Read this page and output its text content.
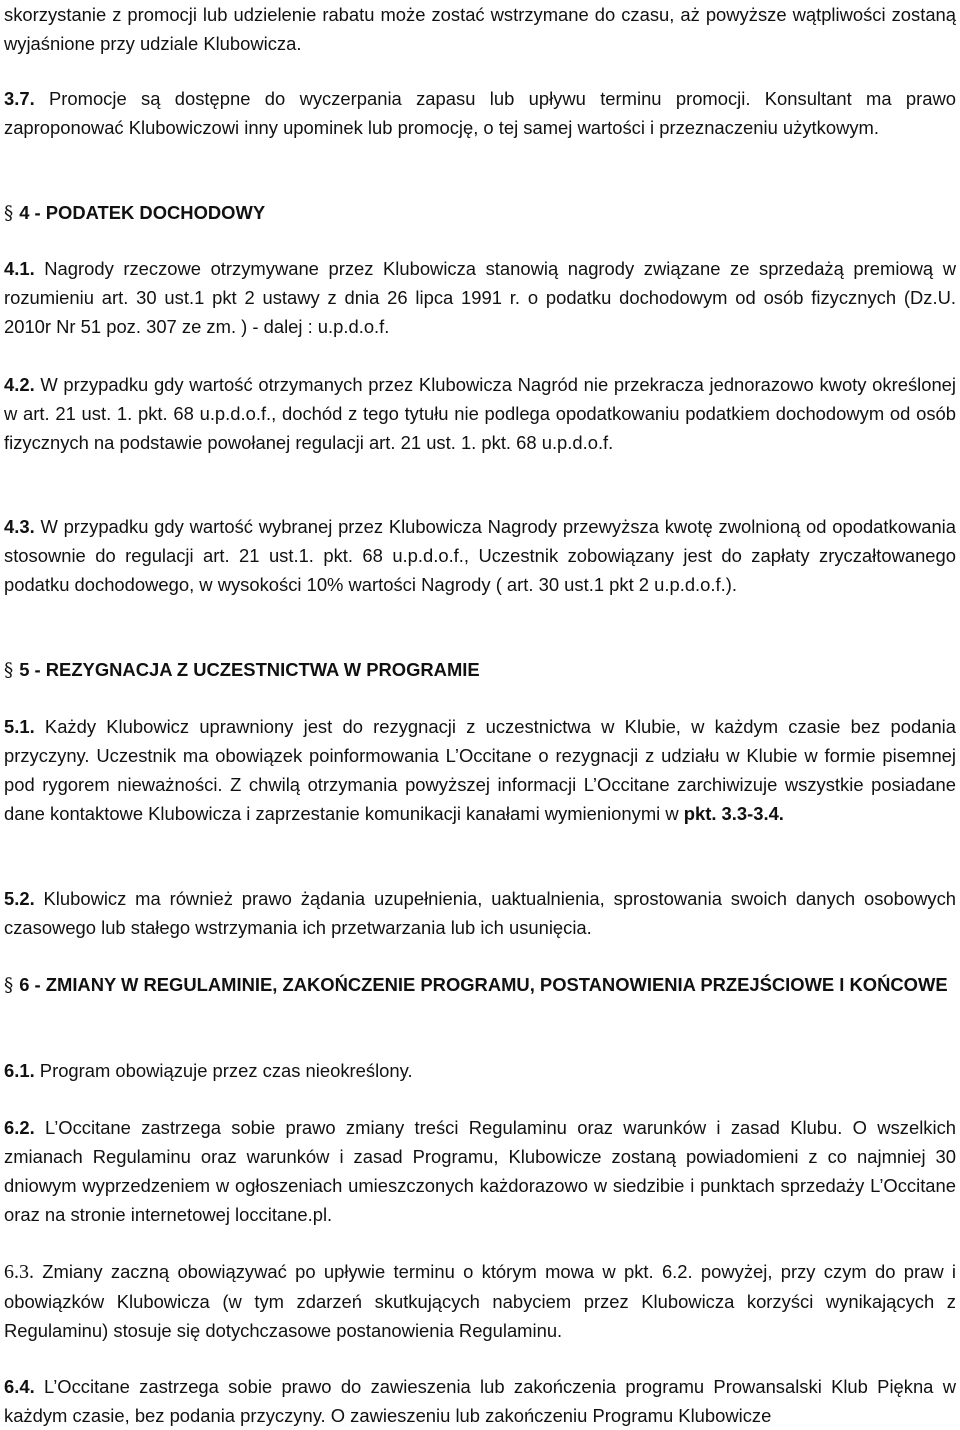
skorzystanie z promocji lub udzielenie rabatu może zostać wstrzymane do czasu, aż powyższe wątpliwości zostaną wyjaśnione przy udziale Klubowicza.

3.7. Promocje są dostępne do wyczerpania zapasu lub upływu terminu promocji. Konsultant ma prawo zaproponować Klubowiczowi inny upominek lub promocję, o tej samej wartości i przeznaczeniu użytkowym.

§ 4 - PODATEK DOCHODOWY

4.1. Nagrody rzeczowe otrzymywane przez Klubowicza stanowią nagrody związane ze sprzedażą premiową w rozumieniu art. 30 ust.1 pkt 2 ustawy z dnia 26 lipca 1991 r. o podatku dochodowym od osób fizycznych (Dz.U. 2010r Nr 51 poz. 307 ze zm. ) - dalej : u.p.d.o.f.

4.2. W przypadku gdy wartość otrzymanych przez Klubowicza Nagród nie przekracza jednorazowo kwoty określonej w art. 21 ust. 1. pkt. 68 u.p.d.o.f., dochód z tego tytułu nie podlega opodatkowaniu podatkiem dochodowym od osób fizycznych na podstawie powołanej regulacji art. 21 ust. 1. pkt. 68 u.p.d.o.f.

4.3. W przypadku gdy wartość wybranej przez Klubowicza Nagrody przewyższa kwotę zwolnioną od opodatkowania stosownie do regulacji art. 21 ust.1. pkt. 68 u.p.d.o.f., Uczestnik zobowiązany jest do zapłaty zryczałtowanego podatku dochodowego, w wysokości 10% wartości Nagrody ( art. 30 ust.1 pkt 2 u.p.d.o.f.).

§ 5 - REZYGNACJA Z UCZESTNICTWA W PROGRAMIE

5.1. Każdy Klubowicz uprawniony jest do rezygnacji z uczestnictwa w Klubie, w każdym czasie bez podania przyczyny. Uczestnik ma obowiązek poinformowania L’Occitane o rezygnacji z udziału w Klubie w formie pisemnej pod rygorem nieważności. Z chwilą otrzymania powyższej informacji L’Occitane zarchiwizuje wszystkie posiadane dane kontaktowe Klubowicza i zaprzestanie komunikacji kanałami wymienionymi w pkt. 3.3-3.4.

5.2. Klubowicz ma również prawo żądania uzupełnienia, uaktualnienia, sprostowania swoich danych osobowych czasowego lub stałego wstrzymania ich przetwarzania lub ich usunięcia.

§ 6 - ZMIANY W REGULAMINIE, ZAKOŃCZENIE PROGRAMU, POSTANOWIENIA PRZEJŚCIOWE I KOŃCOWE

6.1. Program obowiązuje przez czas nieokreślony.

6.2. L’Occitane zastrzega sobie prawo zmiany treści Regulaminu oraz warunków i zasad Klubu. O wszelkich zmianach Regulaminu oraz warunków i zasad Programu, Klubowicze zostaną powiadomieni z co najmniej 30 dniowym wyprzedzeniem w ogłoszeniach umieszczonych każdorazowo w siedzibie i punktach sprzedaży L’Occitane oraz na stronie internetowej loccitane.pl.

6.3. Zmiany zaczną obowiązywać po upływie terminu o którym mowa w pkt. 6.2. powyżej, przy czym do praw i obowiązków Klubowicza (w tym zdarzeń skutkujących nabyciem przez Klubowicza korzyści wynikających z Regulaminu) stosuje się dotychczasowe postanowienia Regulaminu.

6.4. L’Occitane zastrzega sobie prawo do zawieszenia lub zakończenia programu Prowansalski Klub Piękna w każdym czasie, bez podania przyczyny. O zawieszeniu lub zakończeniu Programu Klubowicze
